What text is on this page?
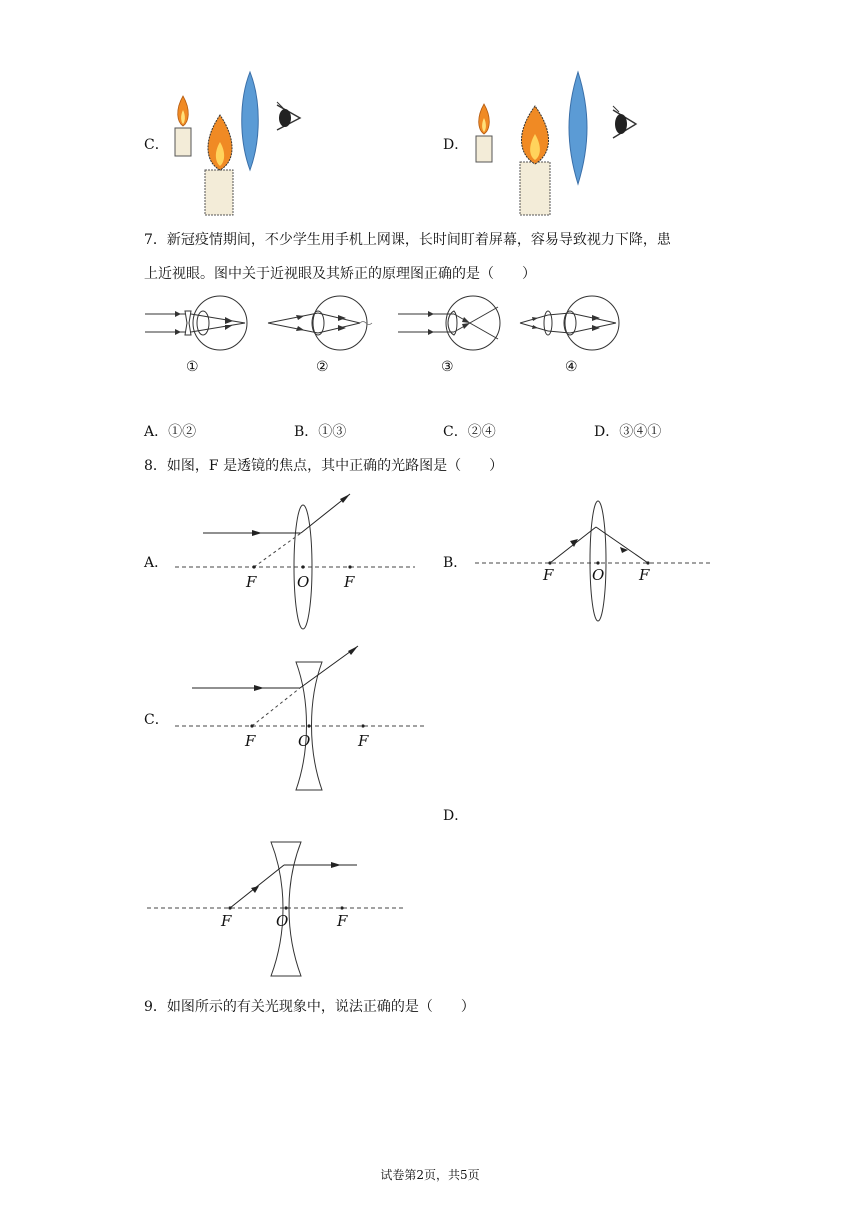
C．	D．
7．新冠疫情期间，不少学生用手机上网课，长时间盯着屏幕，容易导致视力下降，患
上近视眼。图中关于近视眼及其矫正的原理图正确的是（　　）
①	②	③	④
A．①②	B．①③	C．②④	D．③④①
8．如图，F 是透镜的焦点，其中正确的光路图是（　　）
A．
F	O F
B．
F	O F
C．
F	O	F
D．
F	O	F
9．如图所示的有关光现象中，说法正确的是（　　）
试卷第2页，共5页
